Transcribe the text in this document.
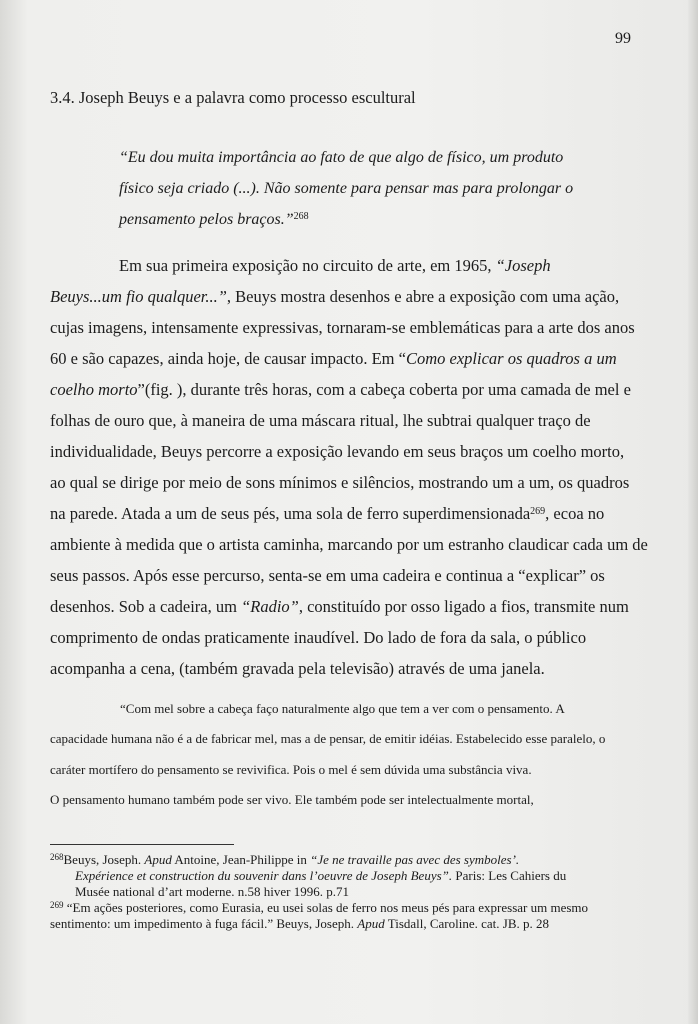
99
3.4. Joseph Beuys e a palavra como processo escultural
“Eu dou muita importância ao fato de que algo de físico, um produto
físico seja criado (...). Não somente para pensar mas para prolongar o
pensamento pelos braços.”$^{268}$
Em sua primeira exposição no circuito de arte, em 1965, “Joseph
Beuys...um fio qualquer...”, Beuys mostra desenhos e abre a exposição com uma ação,
cujas imagens, intensamente expressivas, tornaram-se emblemáticas para a arte dos anos
60 e são capazes, ainda hoje, de causar impacto. Em “Como explicar os quadros a um
coelho morto”(fig. ), durante três horas, com a cabeça coberta por uma camada de mel e
folhas de ouro que, à maneira de uma máscara ritual, lhe subtrai qualquer traço de
individualidade, Beuys percorre a exposição levando em seus braços um coelho morto,
ao qual se dirige por meio de sons mínimos e silêncios, mostrando um a um, os quadros
na parede. Atada a um de seus pés, uma sola de ferro superdimensionada$^{269}$, ecoa no
ambiente à medida que o artista caminha, marcando por um estranho claudicar cada um de
seus passos. Após esse percurso, senta-se em uma cadeira e continua a “explicar” os
desenhos. Sob a cadeira, um “Radio”, constituído por osso ligado a fios, transmite num
comprimento de ondas praticamente inaudível. Do lado de fora da sala, o público
acompanha a cena, (também gravada pela televisão) através de uma janela.
“Com mel sobre a cabeça faço naturalmente algo que tem a ver com o pensamento. A
capacidade humana não é a de fabricar mel, mas a de pensar, de emitir idéias. Estabelecido esse paralelo, o
caráter mortífero do pensamento se revivifica. Pois o mel é sem dúvida uma substância viva.
O pensamento humano também pode ser vivo. Ele também pode ser intelectualmente mortal,
$^{268}$Beuys, Joseph. Apud Antoine, Jean-Philippe in “Je ne travaille pas avec des symboles’.
Expérience et construction du souvenir dans l’oeuvre de Joseph Beuys”. Paris: Les Cahiers du
Musée national d’art moderne. n.58 hiver 1996. p.71
$^{269}$ “Em ações posteriores, como Eurasia, eu usei solas de ferro nos meus pés para expressar um mesmo
sentimento: um impedimento à fuga fácil.” Beuys, Joseph. Apud Tisdall, Caroline. cat. JB. p. 28
